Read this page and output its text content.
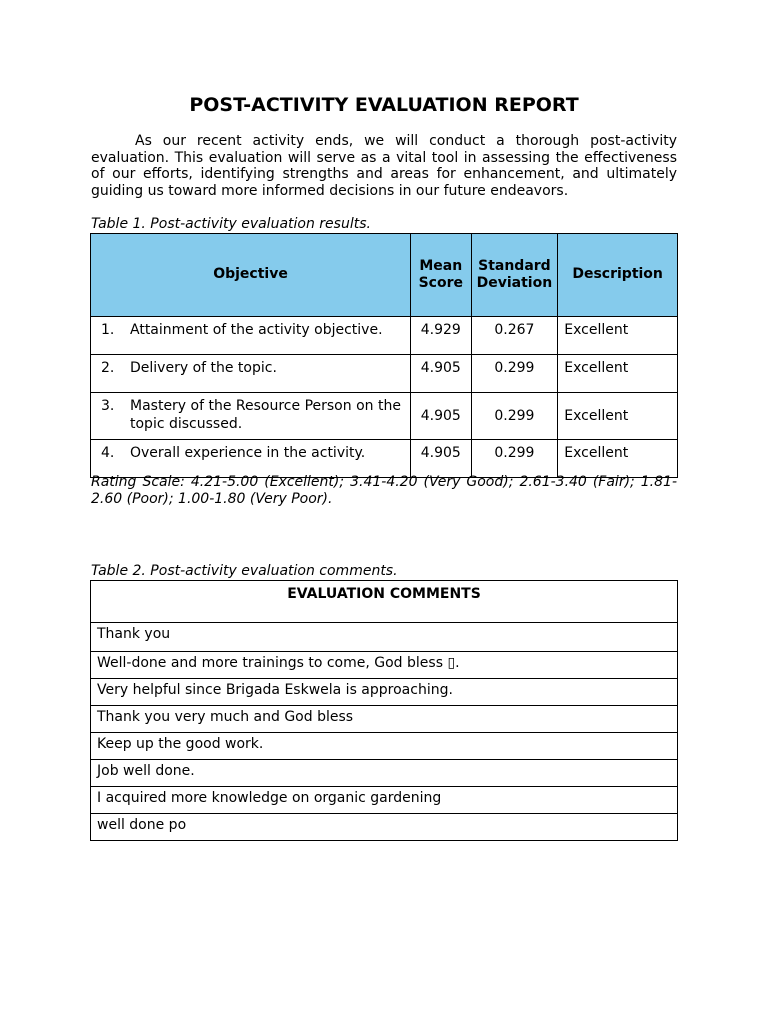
POST-ACTIVITY EVALUATION REPORT

As our recent activity ends, we will conduct a thorough post-activity evaluation. This evaluation will serve as a vital tool in assessing the effectiveness of our efforts, identifying strengths and areas for enhancement, and ultimately guiding us toward more informed decisions in our future endeavors.

Table 1. Post-activity evaluation results.

Objective	Mean Score	Standard Deviation	Description

1. Attainment of the activity objective.	4.929	0.267	Excellent

2. Delivery of the topic.	4.905	0.299	Excellent

3. Mastery of the Resource Person on the topic discussed.	4.905	0.299	Excellent

4. Overall experience in the activity.	4.905	0.299	Excellent

Rating Scale: 4.21-5.00 (Excellent); 3.41-4.20 (Very Good); 2.61-3.40 (Fair); 1.81-2.60 (Poor); 1.00-1.80 (Very Poor).

Table 2. Post-activity evaluation comments.

EVALUATION COMMENTS
Thank you
Well-done and more trainings to come, God bless ▯.
Very helpful since Brigada Eskwela is approaching.
Thank you very much and God bless
Keep up the good work.
Job well done.
I acquired more knowledge on organic gardening
well done po
